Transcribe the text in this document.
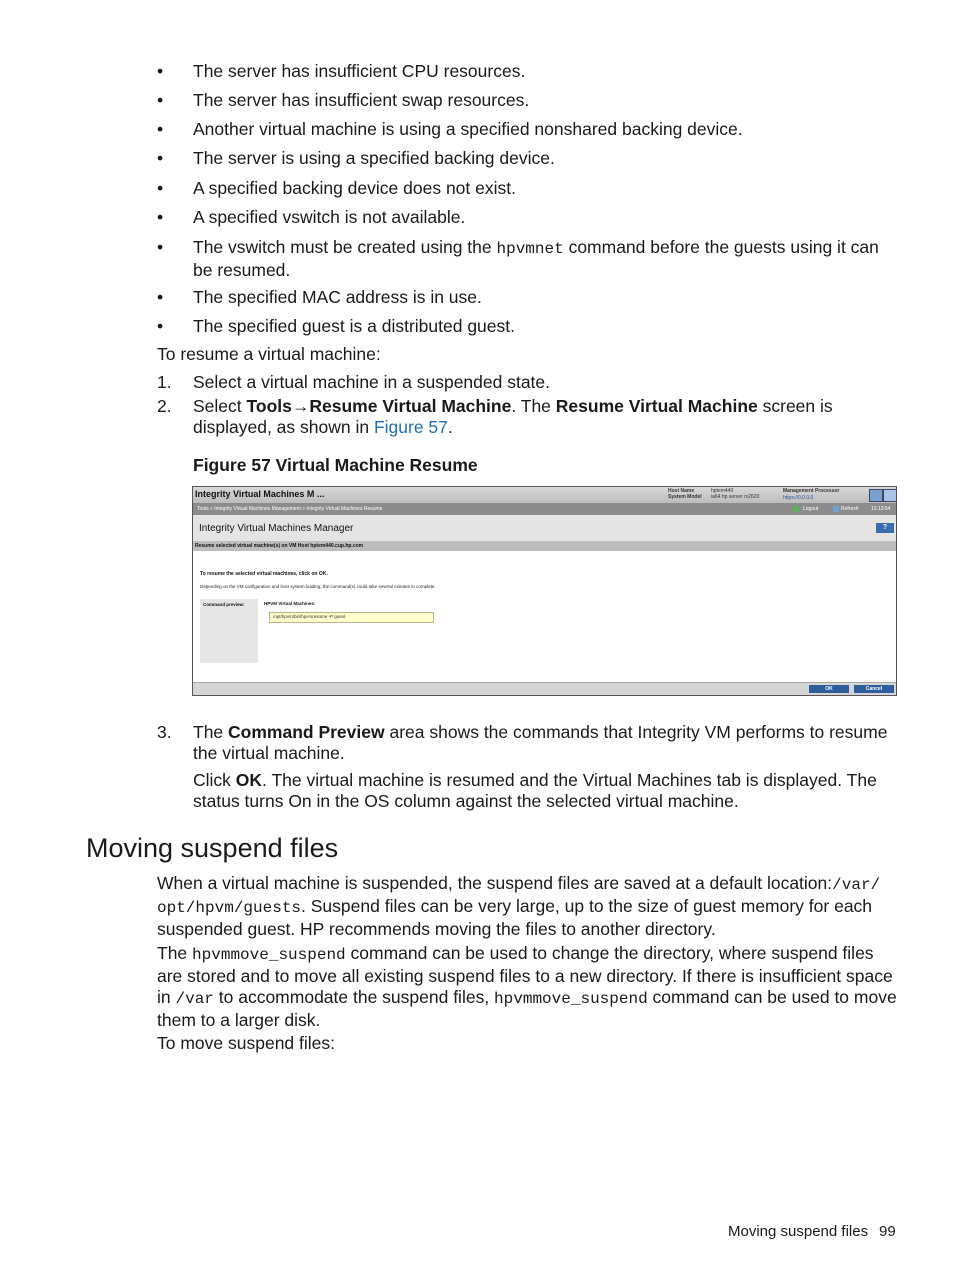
• The server has insufficient CPU resources.
• The server has insufficient swap resources.
• Another virtual machine is using a specified nonshared backing device.
• The server is using a specified backing device.
• A specified backing device does not exist.
• A specified vswitch is not available.
• The vswitch must be created using the hpvmnet command before the guests using it can be resumed.
• The specified MAC address is in use.
• The specified guest is a distributed guest.
To resume a virtual machine:
1. Select a virtual machine in a suspended state.
2. Select Tools→Resume Virtual Machine. The Resume Virtual Machine screen is displayed, as shown in Figure 57.
Figure 57 Virtual Machine Resume
Integrity Virtual Machines M ...	Host Name
System Model
hptem440
ia64 hp server rx2620
Management Processor
https://0.0.0.0
Tools » Integrity Virtual Machines Management » Integrity Virtual Machines Resume	Logout	Refresh 12:13:54
Integrity Virtual Machines Manager	?
Resume selected virtual machine(s) on VM Host hptem440.cup.hp.com
To resume the selected virtual machines, click on OK.
Depending on the VM configuration and host system loading, the command(s) could take several minutes to complete.
Command preview:	HPVM Virtual Machines:
/opt/hpvm/bin/hpvmresume -P guest
OK	Cancel
3. The Command Preview area shows the commands that Integrity VM performs to resume the virtual machine.
Click OK. The virtual machine is resumed and the Virtual Machines tab is displayed. The status turns On in the OS column against the selected virtual machine.
Moving suspend files
When a virtual machine is suspended, the suspend files are saved at a default location:/var/
opt/hpvm/guests. Suspend files can be very large, up to the size of guest memory for each suspended guest. HP recommends moving the files to another directory.
The hpvmmove_suspend command can be used to change the directory, where suspend files are stored and to move all existing suspend files to a new directory. If there is insufficient space in /var to accommodate the suspend files, hpvmmove_suspend command can be used to move them to a larger disk.
To move suspend files:
Moving suspend files 99
